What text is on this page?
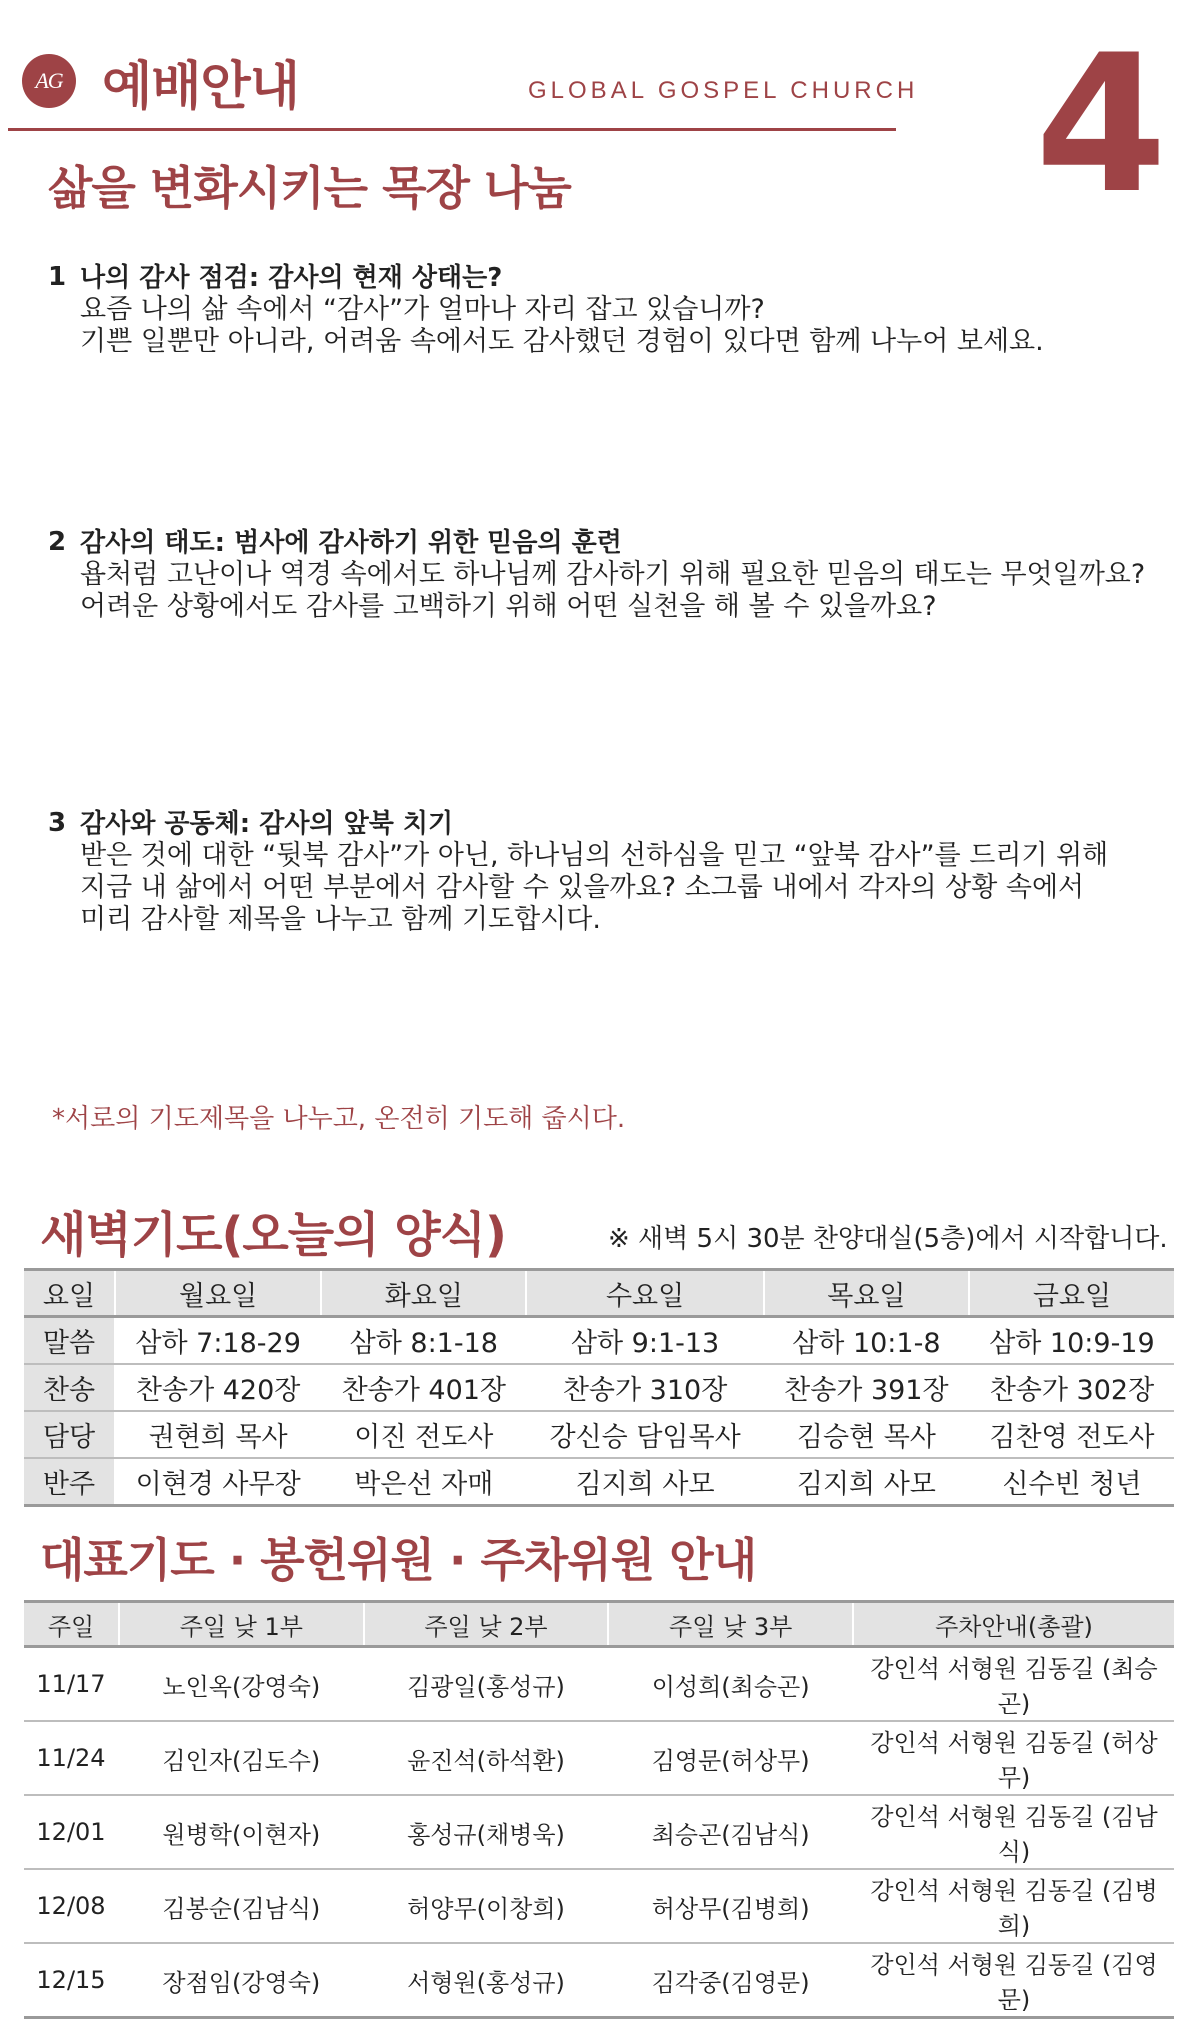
AG 예배안내	GLOBAL GOSPEL CHURCH 4
삶을 변화시키는 목장 나눔
1 나의 감사 점검: 감사의 현재 상태는?
요즘 나의 삶 속에서 “감사”가 얼마나 자리 잡고 있습니까?
기쁜 일뿐만 아니라, 어려움 속에서도 감사했던 경험이 있다면 함께 나누어 보세요.
2 감사의 태도: 범사에 감사하기 위한 믿음의 훈련
욥처럼 고난이나 역경 속에서도 하나님께 감사하기 위해 필요한 믿음의 태도는 무엇일까요?
어려운 상황에서도 감사를 고백하기 위해 어떤 실천을 해 볼 수 있을까요?
3 감사와 공동체: 감사의 앞북 치기
받은 것에 대한 “뒷북 감사”가 아닌, 하나님의 선하심을 믿고 “앞북 감사”를 드리기 위해
지금 내 삶에서 어떤 부분에서 감사할 수 있을까요? 소그룹 내에서 각자의 상황 속에서
미리 감사할 제목을 나누고 함께 기도합시다.
*서로의 기도제목을 나누고, 온전히 기도해 줍시다.
새벽기도(오늘의 양식)	※ 새벽 5시 30분 찬양대실(5층)에서 시작합니다.
요일	월요일	화요일	수요일	목요일	금요일
말씀	삼하 7:18-29	삼하 8:1-18	삼하 9:1-13	삼하 10:1-8	삼하 10:9-19
찬송	찬송가 420장	찬송가 401장	찬송가 310장	찬송가 391장	찬송가 302장
담당	권현희 목사	이진 전도사	강신승 담임목사	김승현 목사	김찬영 전도사
반주	이현경 사무장	박은선 자매	김지희 사모	김지희 사모	신수빈 청년
대표기도 · 봉헌위원 · 주차위원 안내
주일	주일 낮 1부	주일 낮 2부	주일 낮 3부	주차안내(총괄)
11/17	노인옥(강영숙)	김광일(홍성규)	이성희(최승곤)	강인석 서형원 김동길 (최승곤)
11/24	김인자(김도수)	윤진석(하석환)	김영문(허상무)	강인석 서형원 김동길 (허상무)
12/01	원병학(이현자)	홍성규(채병욱)	최승곤(김남식)	강인석 서형원 김동길 (김남식)
12/08	김봉순(김남식)	허양무(이창희)	허상무(김병희)	강인석 서형원 김동길 (김병희)
12/15	장점임(강영숙)	서형원(홍성규)	김각중(김영문)	강인석 서형원 김동길 (김영문)
